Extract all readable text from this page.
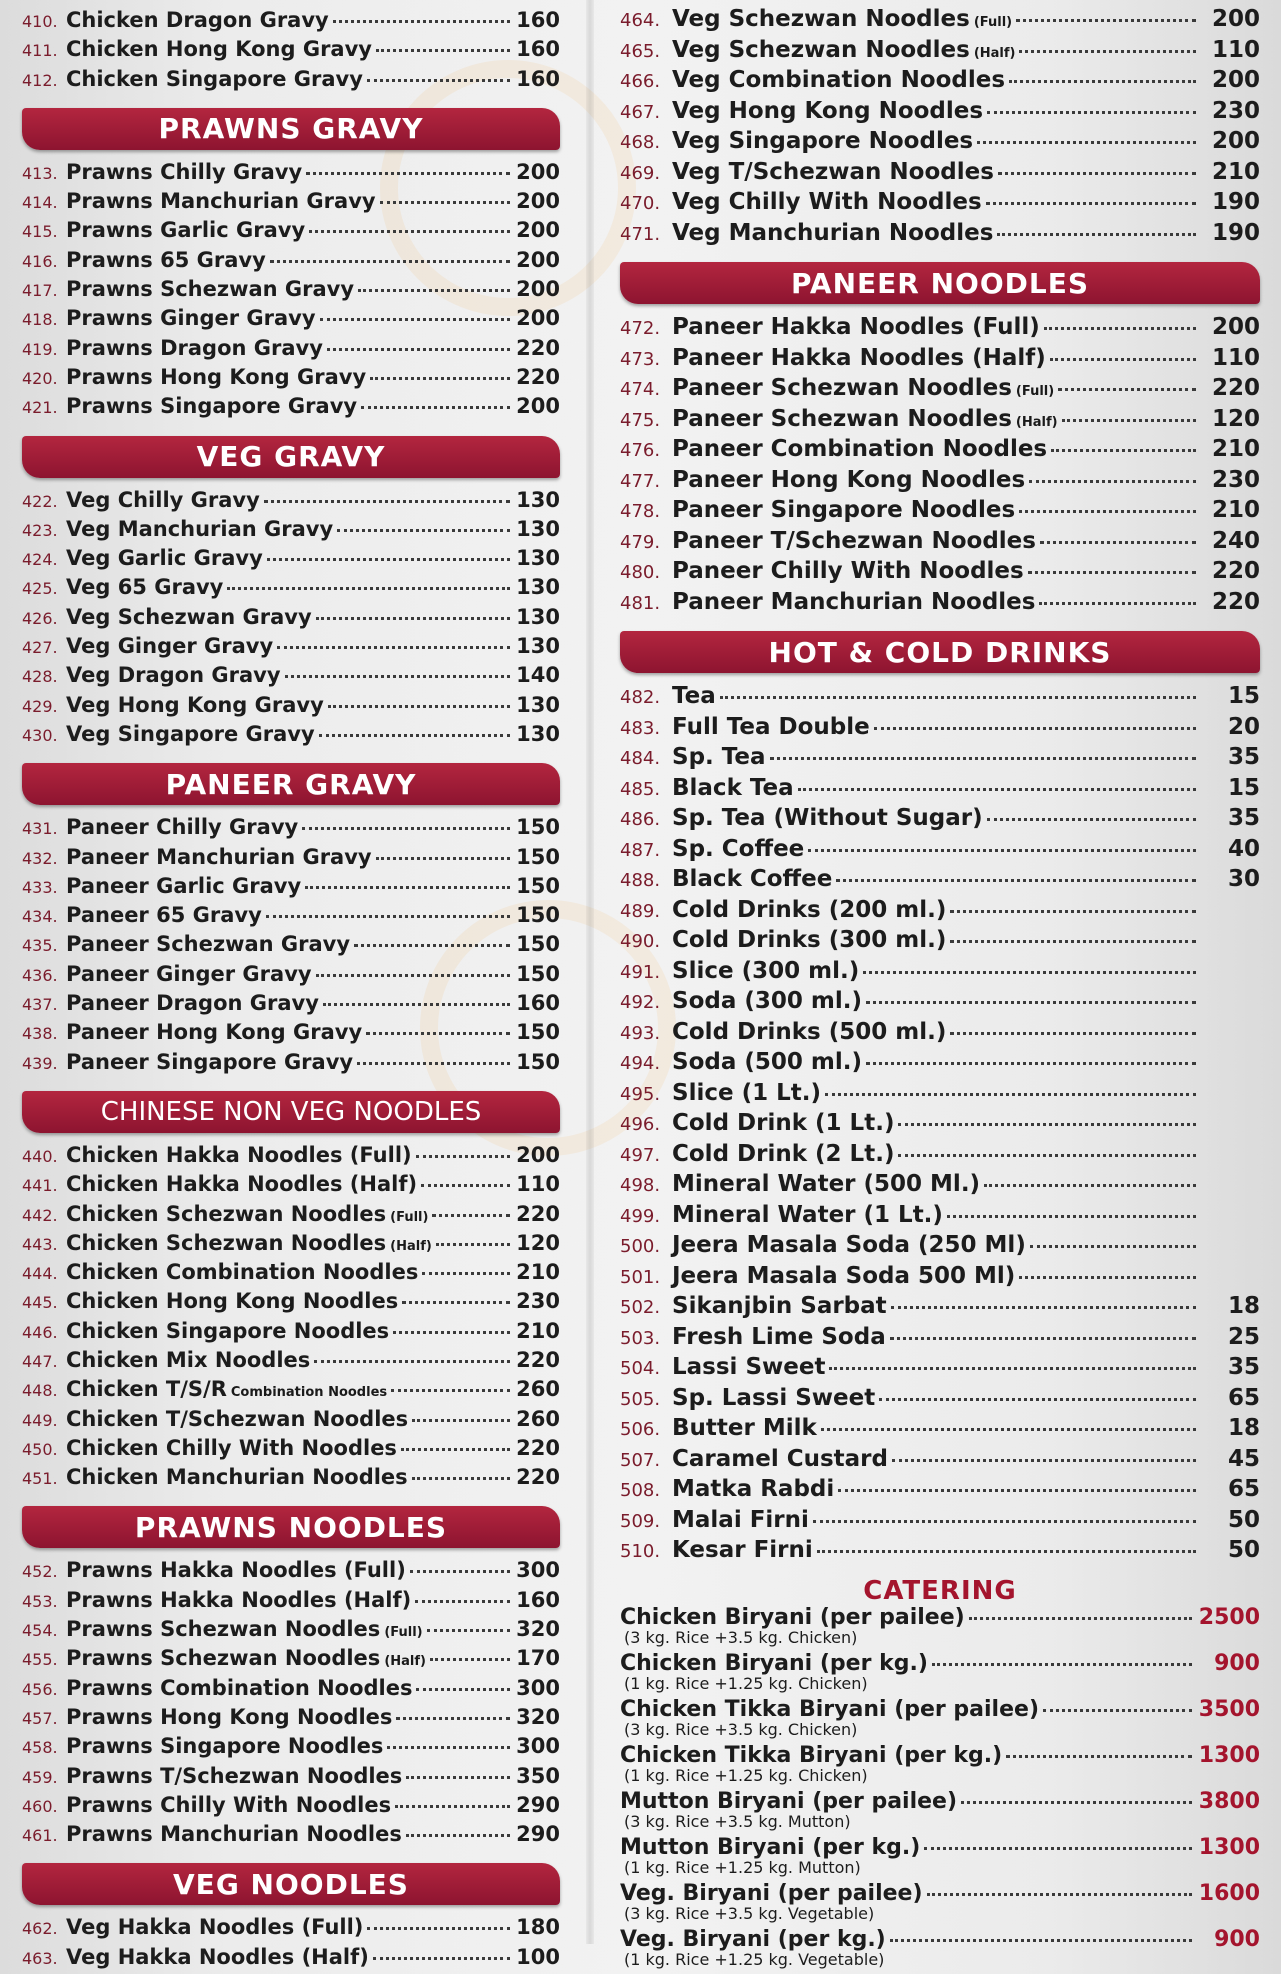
410. Chicken Dragon Gravy	160
411. Chicken Hong Kong Gravy	160
412. Chicken Singapore Gravy	160
PRAWNS GRAVY
413. Prawns Chilly Gravy	200
414. Prawns Manchurian Gravy	200
415. Prawns Garlic Gravy	200
416. Prawns 65 Gravy	200
417. Prawns Schezwan Gravy	200
418. Prawns Ginger Gravy	200
419. Prawns Dragon Gravy	220
420. Prawns Hong Kong Gravy	220
421. Prawns Singapore Gravy	200
VEG GRAVY
422. Veg Chilly Gravy	130
423. Veg Manchurian Gravy	130
424. Veg Garlic Gravy	130
425. Veg 65 Gravy	130
426. Veg Schezwan Gravy	130
427. Veg Ginger Gravy	130
428. Veg Dragon Gravy	140
429. Veg Hong Kong Gravy	130
430. Veg Singapore Gravy	130
PANEER GRAVY
431. Paneer Chilly Gravy	150
432. Paneer Manchurian Gravy	150
433. Paneer Garlic Gravy	150
434. Paneer 65 Gravy	150
435. Paneer Schezwan Gravy	150
436. Paneer Ginger Gravy	150
437. Paneer Dragon Gravy	160
438. Paneer Hong Kong Gravy	150
439. Paneer Singapore Gravy	150
CHINESE NON VEG NOODLES
440. Chicken Hakka Noodles (Full)	200
441. Chicken Hakka Noodles (Half)	110
442. Chicken Schezwan Noodles (Full)	220
443. Chicken Schezwan Noodles (Half)	120
444. Chicken Combination Noodles	210
445. Chicken Hong Kong Noodles	230
446. Chicken Singapore Noodles	210
447. Chicken Mix Noodles	220
448. Chicken T/S/R Combination Noodles	260
449. Chicken T/Schezwan Noodles	260
450. Chicken Chilly With Noodles	220
451. Chicken Manchurian Noodles	220
PRAWNS NOODLES
452. Prawns Hakka Noodles (Full)	300
453. Prawns Hakka Noodles (Half)	160
454. Prawns Schezwan Noodles (Full)	320
455. Prawns Schezwan Noodles (Half)	170
456. Prawns Combination Noodles	300
457. Prawns Hong Kong Noodles	320
458. Prawns Singapore Noodles	300
459. Prawns T/Schezwan Noodles	350
460. Prawns Chilly With Noodles	290
461. Prawns Manchurian Noodles	290
VEG NOODLES
462. Veg Hakka Noodles (Full)	180
463. Veg Hakka Noodles (Half)	100
464. Veg Schezwan Noodles (Full)	200
465. Veg Schezwan Noodles (Half)	110
466. Veg Combination Noodles	200
467. Veg Hong Kong Noodles	230
468. Veg Singapore Noodles	200
469. Veg T/Schezwan Noodles	210
470. Veg Chilly With Noodles	190
471. Veg Manchurian Noodles	190
PANEER NOODLES
472. Paneer Hakka Noodles (Full)	200
473. Paneer Hakka Noodles (Half)	110
474. Paneer Schezwan Noodles (Full)	220
475. Paneer Schezwan Noodles (Half)	120
476. Paneer Combination Noodles	210
477. Paneer Hong Kong Noodles	230
478. Paneer Singapore Noodles	210
479. Paneer T/Schezwan Noodles	240
480. Paneer Chilly With Noodles	220
481. Paneer Manchurian Noodles	220
HOT & COLD DRINKS
482. Tea	15
483. Full Tea Double	20
484. Sp. Tea	35
485. Black Tea	15
486. Sp. Tea (Without Sugar)	35
487. Sp. Coffee	40
488. Black Coffee	30
489. Cold Drinks (200 ml.)
490. Cold Drinks (300 ml.)
491. Slice (300 ml.)
492. Soda (300 ml.)
493. Cold Drinks (500 ml.)
494. Soda (500 ml.)
495. Slice (1 Lt.)
496. Cold Drink (1 Lt.)
497. Cold Drink (2 Lt.)
498. Mineral Water (500 Ml.)
499. Mineral Water (1 Lt.)
500. Jeera Masala Soda (250 Ml)
501. Jeera Masala Soda 500 Ml)
502. Sikanjbin Sarbat	18
503. Fresh Lime Soda	25
504. Lassi Sweet	35
505. Sp. Lassi Sweet	65
506. Butter Milk	18
507. Caramel Custard	45
508. Matka Rabdi	65
509. Malai Firni	50
510. Kesar Firni	50
CATERING
Chicken Biryani (per pailee)	2500
(3 kg. Rice +3.5 kg. Chicken)
Chicken Biryani (per kg.)	900
(1 kg. Rice +1.25 kg. Chicken)
Chicken Tikka Biryani (per pailee)	3500
(3 kg. Rice +3.5 kg. Chicken)
Chicken Tikka Biryani (per kg.)	1300
(1 kg. Rice +1.25 kg. Chicken)
Mutton Biryani (per pailee)	3800
(3 kg. Rice +3.5 kg. Mutton)
Mutton Biryani (per kg.)	1300
(1 kg. Rice +1.25 kg. Mutton)
Veg. Biryani (per pailee)	1600
(3 kg. Rice +3.5 kg. Vegetable)
Veg. Biryani (per kg.)	900
(1 kg. Rice +1.25 kg. Vegetable)
